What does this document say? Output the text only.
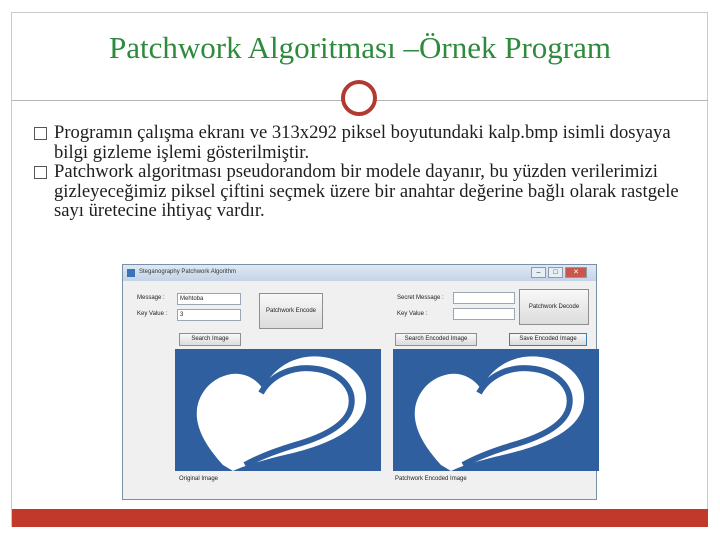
Patchwork Algoritması –Örnek Program
Programın çalışma ekranı ve 313x292 piksel boyutundaki kalp.bmp isimli dosyaya bilgi gizleme işlemi gösterilmiştir.
Patchwork algoritması pseudorandom bir modele dayanır, bu yüzden verilerimizi gizleyeceğimiz piksel çiftini seçmek üzere bir anahtar değerine bağlı olarak rastgele sayı üretecine ihtiyaç vardır.
Steganography Patchwork Algorithm	–	□	✕
Message :	Mehtoba
Key Value :	3
Patchwork Encode
Secret Message :
Key Value :
Patchwork Decode
Search Image	Search Encoded Image	Save Encoded Image
Original Image	Patchwork Encoded Image
